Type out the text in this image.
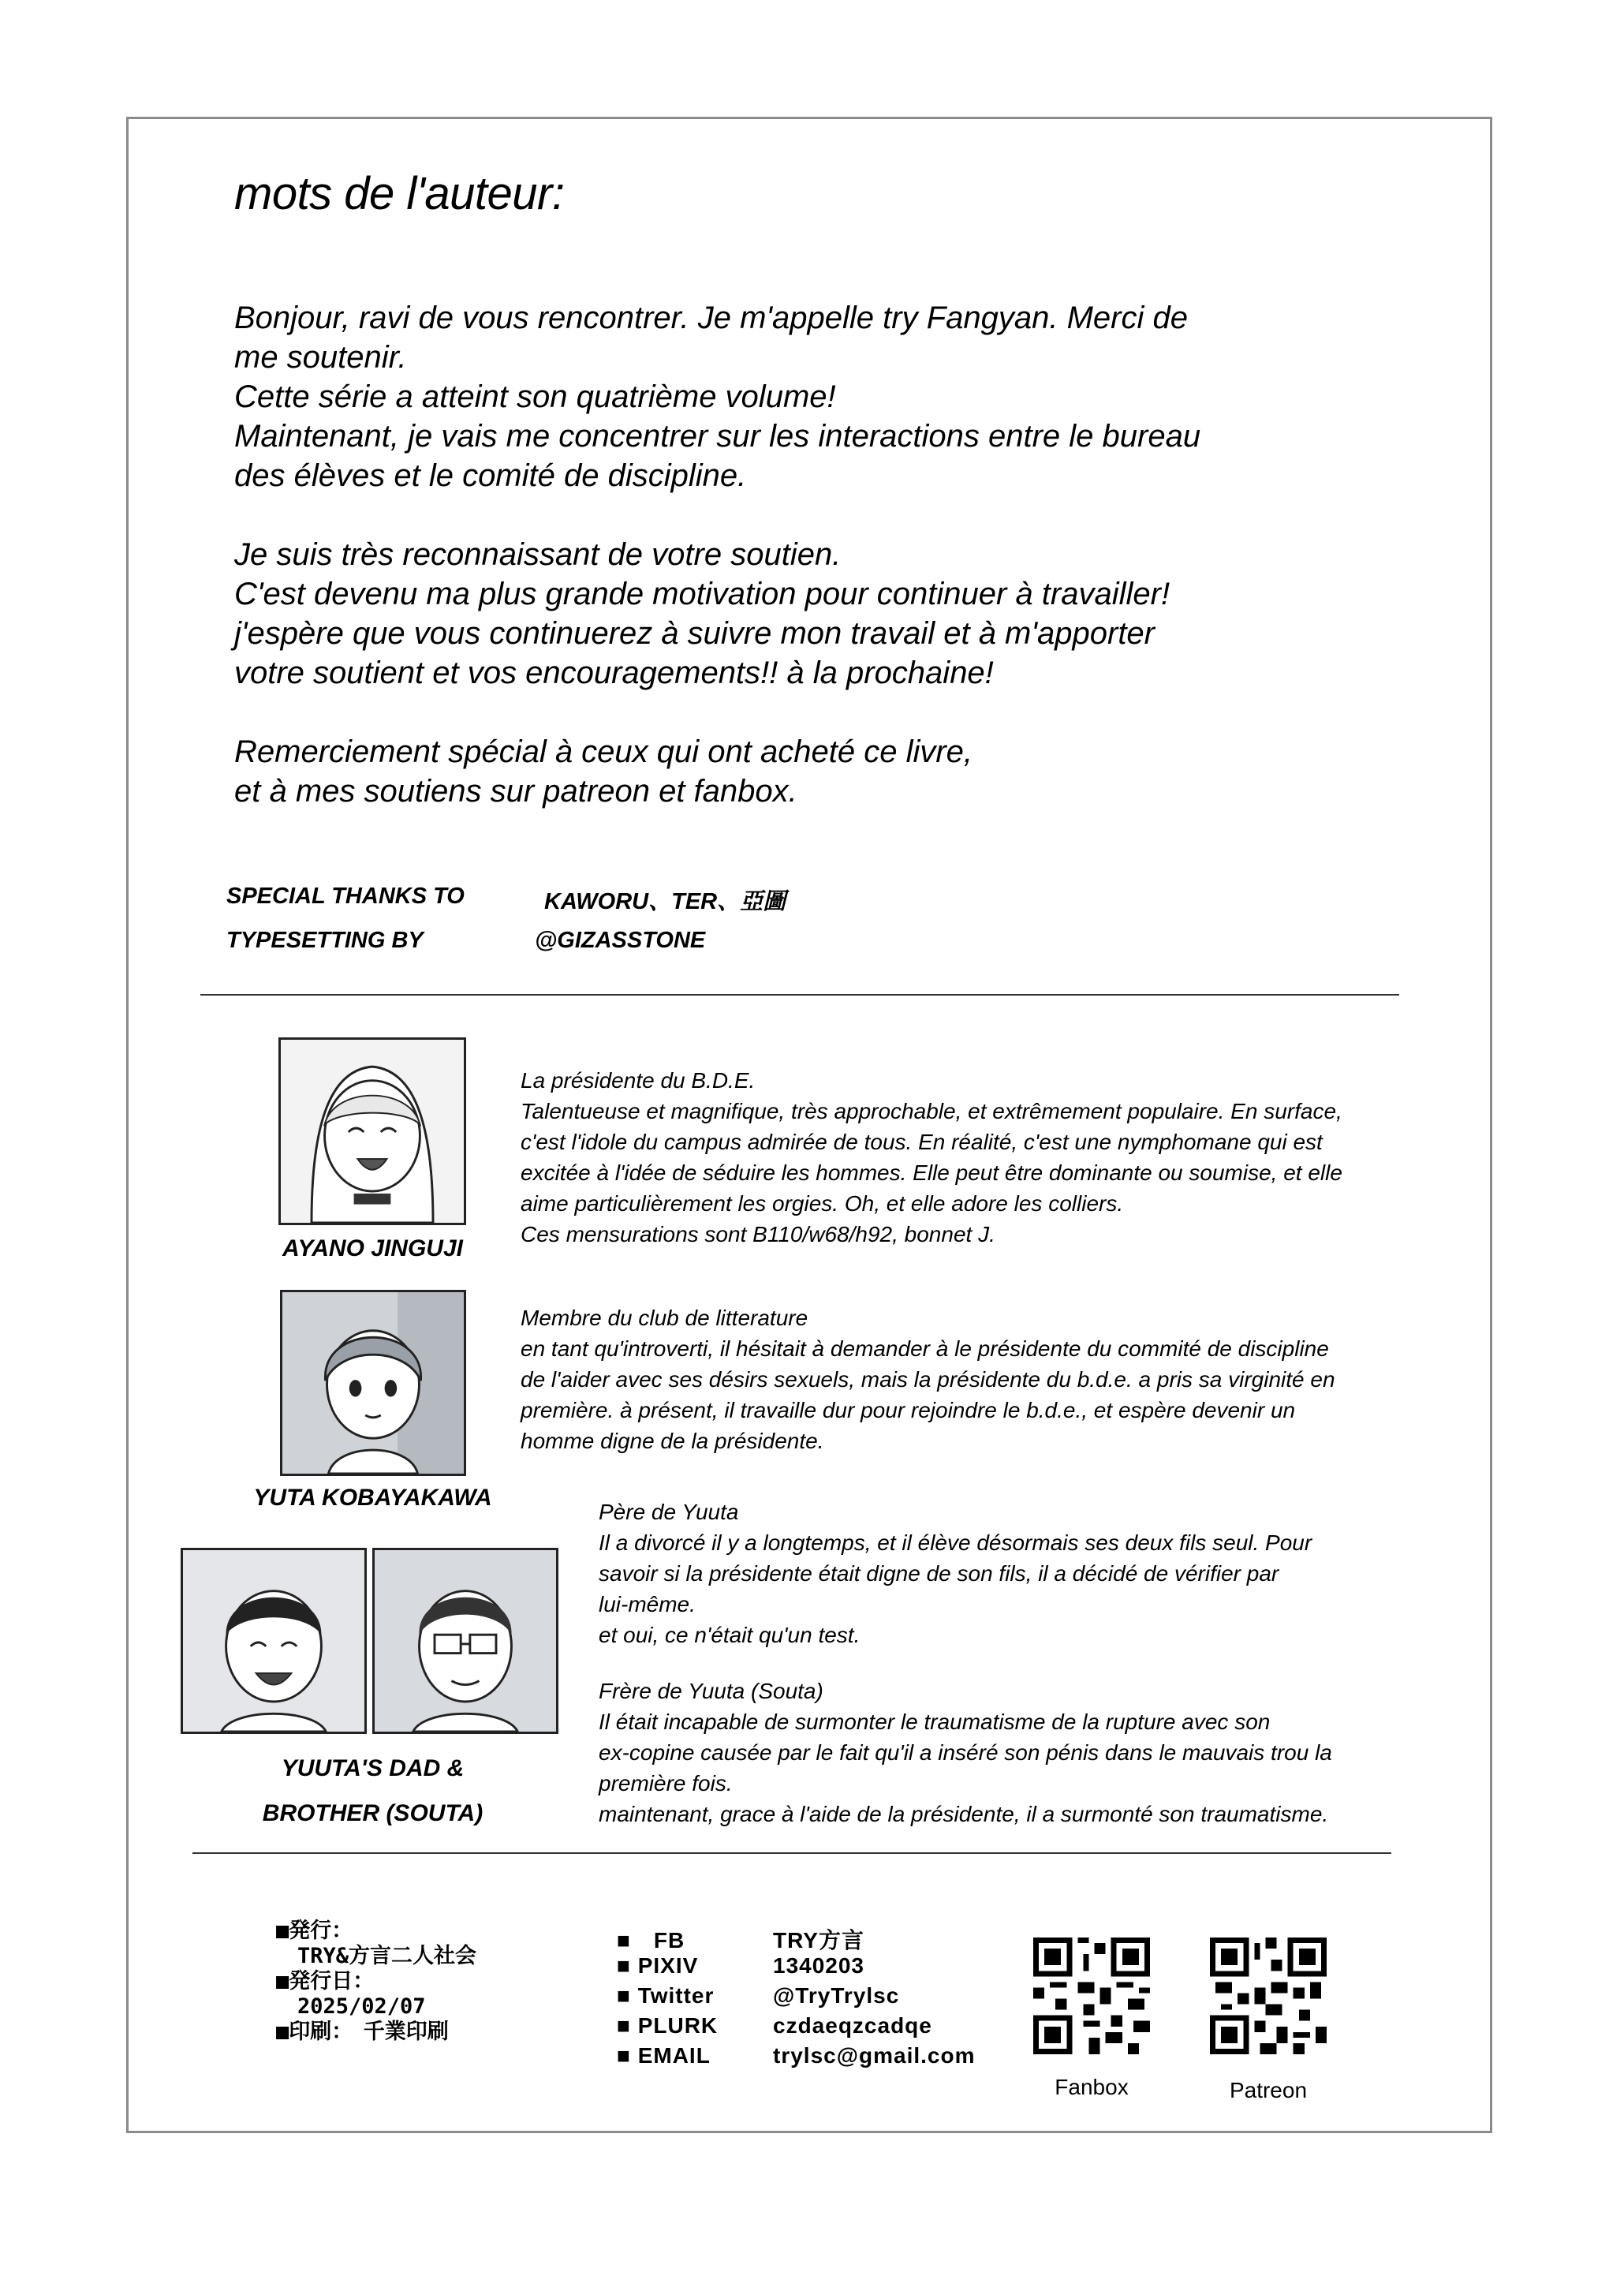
mots de l'auteur:

Bonjour, ravi de vous rencontrer. Je m'appelle try Fangyan. Merci de
me soutenir.
Cette série a atteint son quatrième volume!
Maintenant, je vais me concentrer sur les interactions entre le bureau
des élèves et le comité de discipline.

Je suis très reconnaissant de votre soutien.
C'est devenu ma plus grande motivation pour continuer à travailler!
j'espère que vous continuerez à suivre mon travail et à m'apporter
votre soutient et vos encouragements!! à la prochaine!

Remerciement spécial à ceux qui ont acheté ce livre,
et à mes soutiens sur patreon et fanbox.

SPECIAL THANKS TO	KAWORU、TER、亞圖
TYPESETTING BY	@GIZASSTONE
AYANO JINGUJI
La présidente du B.D.E.
Talentueuse et magnifique, très approchable, et extrêmement populaire. En surface,
c'est l'idole du campus admirée de tous. En réalité, c'est une nymphomane qui est
excitée à l'idée de séduire les hommes. Elle peut être dominante ou soumise, et elle
aime particulièrement les orgies. Oh, et elle adore les colliers.
Ces mensurations sont B110/w68/h92, bonnet J.
YUTA KOBAYAKAWA
Membre du club de litterature
en tant qu'introverti, il hésitait à demander à le présidente du commité de discipline
de l'aider avec ses désirs sexuels, mais la présidente du b.d.e. a pris sa virginité en
première. à présent, il travaille dur pour rejoindre le b.d.e., et espère devenir un
homme digne de la présidente.
YUUTA'S DAD &
BROTHER (SOUTA)
Père de Yuuta
Il a divorcé il y a longtemps, et il élève désormais ses deux fils seul. Pour
savoir si la présidente était digne de son fils, il a décidé de vérifier par
lui-même.
et oui, ce n'était qu'un test.
Frère de Yuuta (Souta)
Il était incapable de surmonter le traumatisme de la rupture avec son
ex-copine causée par le fait qu'il a inséré son pénis dans le mauvais trou la
première fois.
maintenant, grace à l'aide de la présidente, il a surmonté son traumatisme.
■発行：
　TRY&方言二人社会
■発行日：
　2025/02/07
■印刷：　千業印刷
■　FB	TRY方言
■ PIXIV	1340203
■ Twitter	@TryTrylsc
■ PLURK czdaeqzcadqe
■ EMAIL	trylsc@gmail.com
Fanbox	Patreon
